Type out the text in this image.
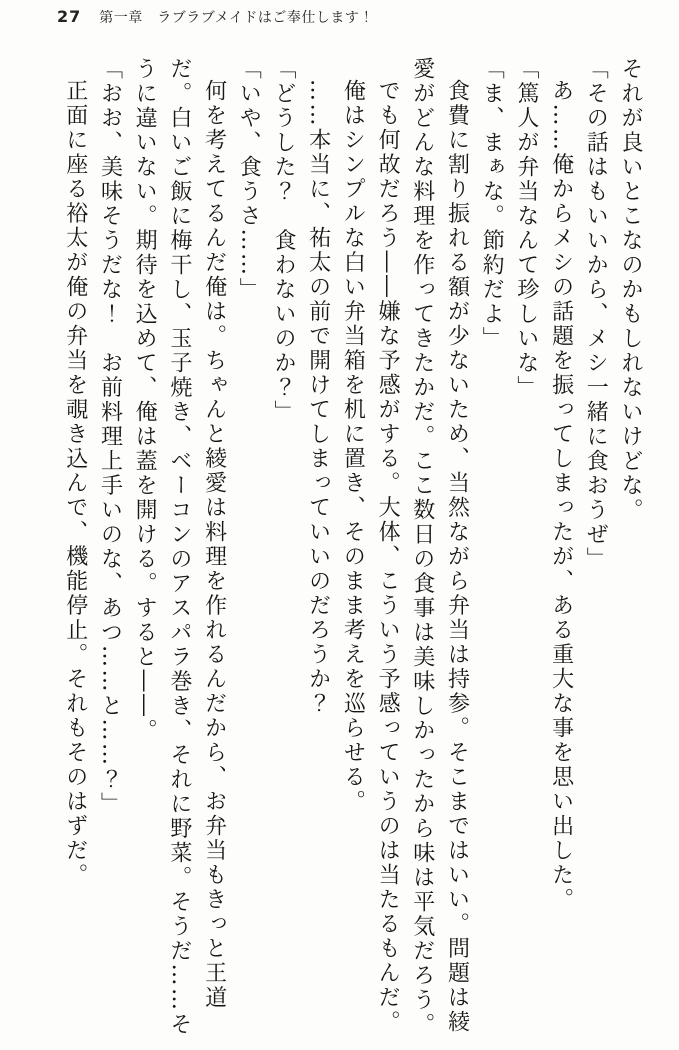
27 第一章　ラブラブメイドはご奉仕します！

それが良いとこなのかもしれないけどな。

「その話はもいいから、メシ一緒に食おうぜ」

あ……俺からメシの話題を振ってしまったが、ある重大な事を思い出した。

「篤人が弁当なんて珍しいな」

「ま、まぁな。節約だよ」

食費に割り振れる額が少ないため、当然ながら弁当は持参。そこまではいい。問題は綾愛がどんな料理を作ってきたかだ。ここ数日の食事は美味しかったから味は平気だろう。

でも何故だろう――嫌な予感がする。大体、こういう予感っていうのは当たるもんだ。

俺はシンプルな白い弁当箱を机に置き、そのまま考えを巡らせる。

……本当に、祐太の前で開けてしまっていいのだろうか？

「どうした？　食わないのか？」

「いや、食うさ……」

何を考えてるんだ俺は。ちゃんと綾愛は料理を作れるんだから、お弁当もきっと王道だ。白いご飯に梅干し、玉子焼き、ベーコンのアスパラ巻き、それに野菜。そうだ……そうに違いない。期待を込めて、俺は蓋を開ける。すると――。

「おお、美味そうだな！　お前料理上手いのな、あつ……と……？」

正面に座る裕太が俺の弁当を覗き込んで、機能停止。それもそのはずだ。
